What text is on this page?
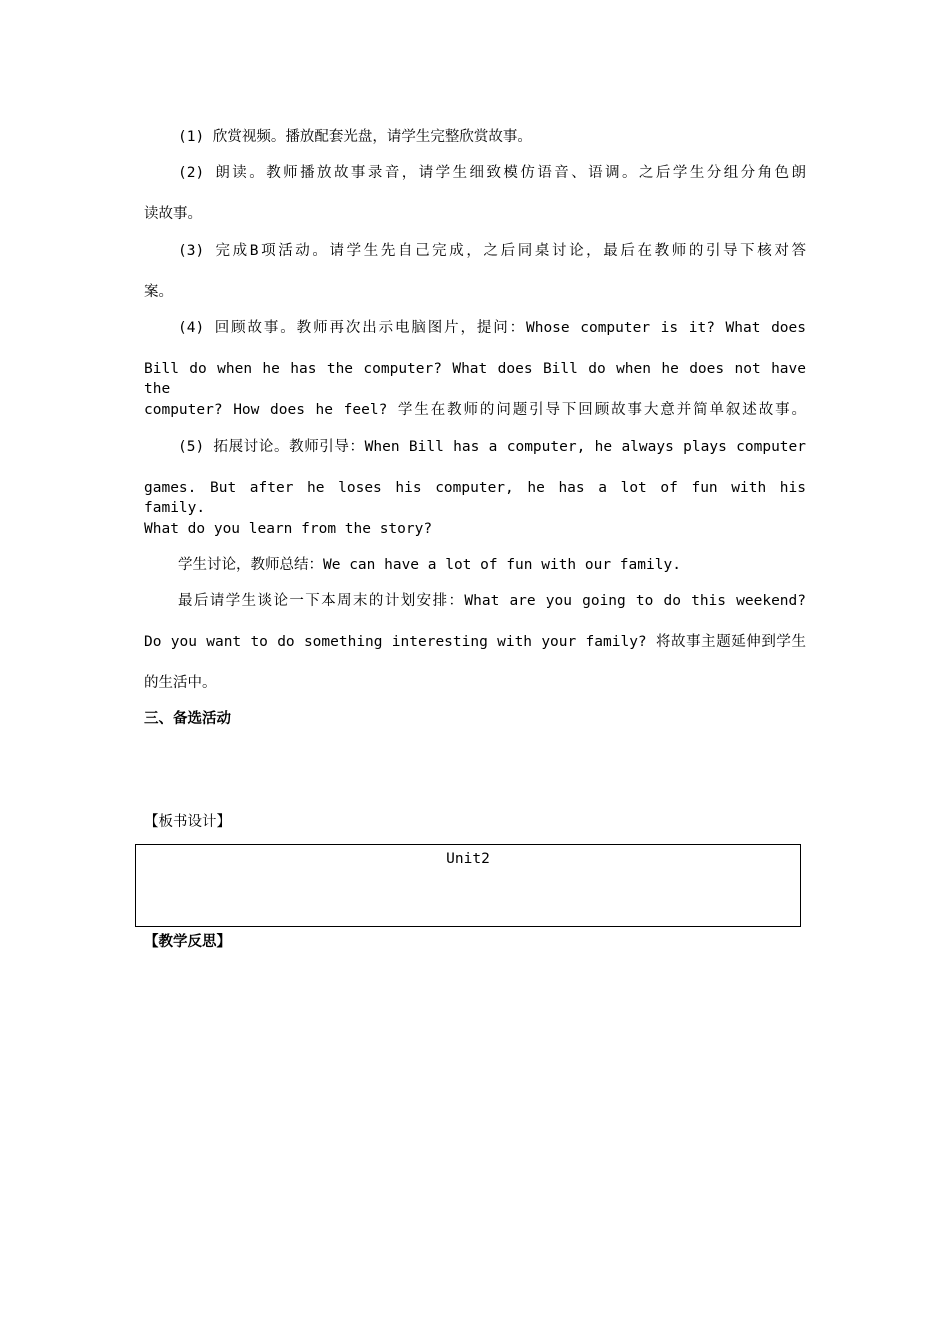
(1) 欣赏视频。播放配套光盘，请学生完整欣赏故事。
(2) 朗读。教师播放故事录音，请学生细致模仿语音、语调。之后学生分组分角色朗
读故事。
(3) 完成B项活动。请学生先自己完成，之后同桌讨论，最后在教师的引导下核对答
案。
(4) 回顾故事。教师再次出示电脑图片，提问：Whose computer is it? What does
Bill do when he has the computer? What does Bill do when he does not have the
computer? How does he feel? 学生在教师的问题引导下回顾故事大意并简单叙述故事。
(5) 拓展讨论。教师引导：When Bill has a computer, he always plays computer
games. But after he loses his computer, he has a lot of fun with his family.
What do you learn from the story?
学生讨论，教师总结：We can have a lot of fun with our family.
最后请学生谈论一下本周末的计划安排：What are you going to do this weekend?
Do you want to do something interesting with your family? 将故事主题延伸到学生
的生活中。
三、备选活动
【板书设计】
Unit2
【教学反思】
